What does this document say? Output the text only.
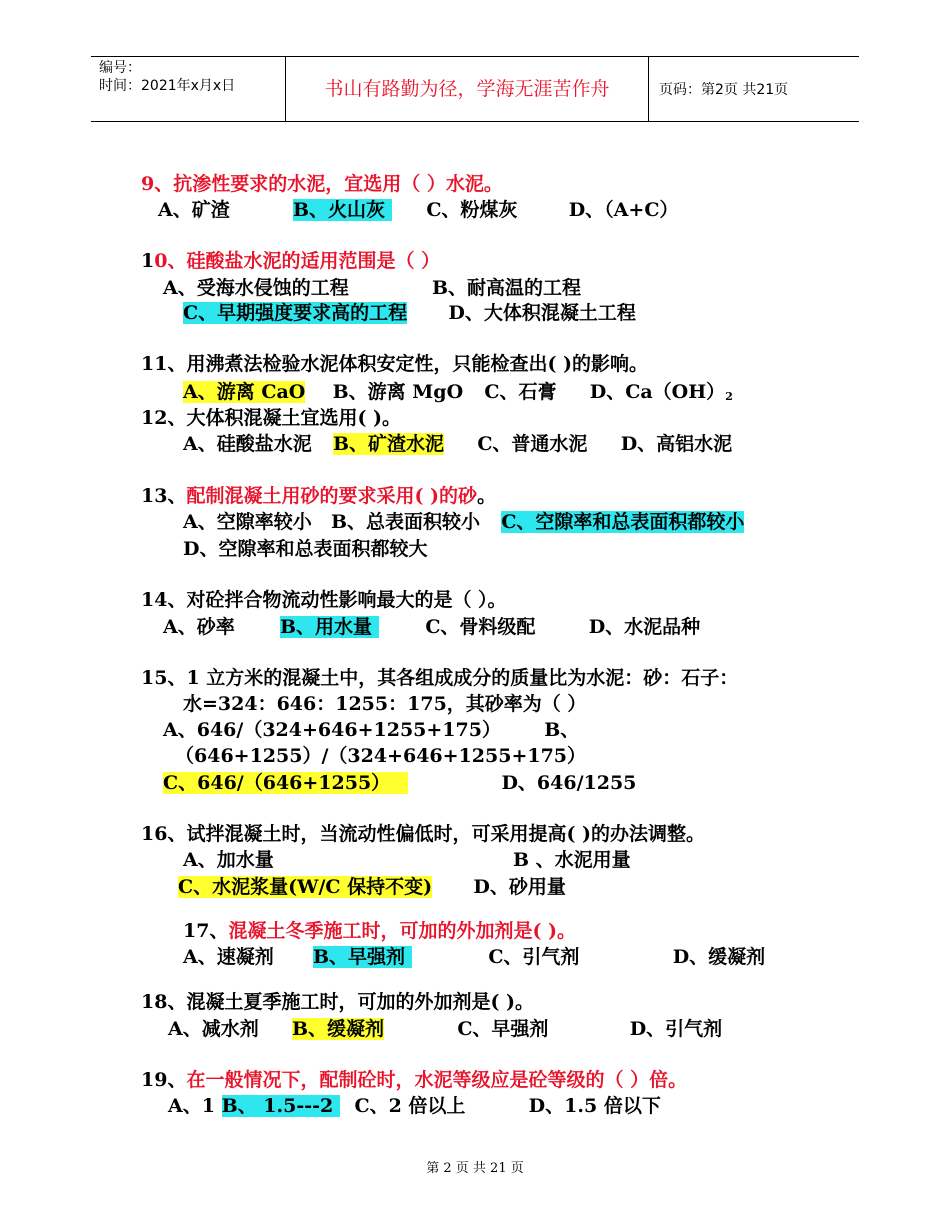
编号：
时间：2021年x月x日	书山有路勤为径，学海无涯苦作舟	页码：第2页 共21页
9、抗渗性要求的水泥，宜选用（ ）水泥。
A、矿渣	B、火山灰  C、粉煤灰	D、（A+C）
10、硅酸盐水泥的适用范围是（ ）
A、受海水侵蚀的工程	B、耐高温的工程
C、早期强度要求高的工程 D、大体积混凝土工程
11、用沸煮法检验水泥体积安定性，只能检查出( )的影响。
A、游离 CaO B、游离 MgO C、石膏 D、$Ca(OH)_2$
12、大体积混凝土宜选用( )。
A、硅酸盐水泥 B、矿渣水泥 C、普通水泥 D、高铝水泥
13、配制混凝土用砂的要求采用( )的砂。
A、空隙率较小 B、总表面积较小 C、空隙率和总表面积都较小
D、空隙率和总表面积都较大
14、对砼拌合物流动性影响最大的是（ ）。
A、砂率  B、用水量  C、骨料级配	D、水泥品种
15、1 立方米的混凝土中，其各组成成分的质量比为水泥：砂：石子：
水=324：646：1255：175，其砂率为（ ）
A、646/（324+646+1255+175） B、
（646+1255）/（324+646+1255+175）
C、646/（646+1255）	D、646/1255
16、试拌混凝土时，当流动性偏低时，可采用提高( )的办法调整。
A、加水量	B 、水泥用量
C、水泥浆量(W/C 保持不变) D、砂用量
17、混凝土冬季施工时，可加的外加剂是( )。
A、速凝剂 B、早强剂	C、引气剂	D、缓凝剂
18、混凝土夏季施工时，可加的外加剂是( )。
A、减水剂 B、缓凝剂	C、早强剂	D、引气剂
19、在一般情况下，配制砼时，水泥等级应是砼等级的（ ）倍。
A、1 B、 1.5---2  C、2 倍以上	D、1.5 倍以下
第 2 页 共 21 页
